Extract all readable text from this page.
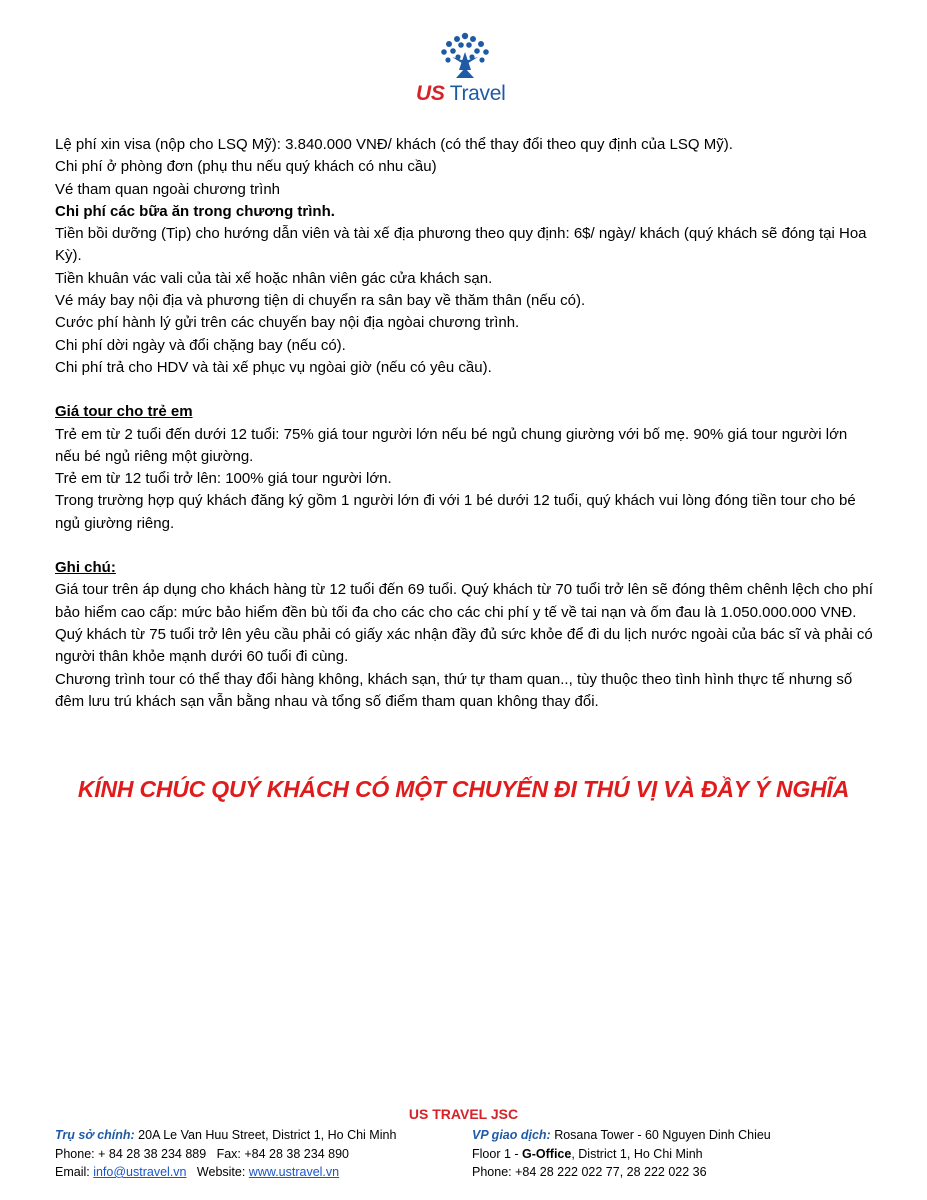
US Travel

Lệ phí xin visa (nộp cho LSQ Mỹ): 3.840.000 VNĐ/ khách (có thể thay đổi theo quy định của LSQ Mỹ).

Chi phí ở phòng đơn (phụ thu nếu quý khách có nhu cầu)

Vé tham quan ngoài chương trình

Chi phí các bữa ăn trong chương trình.

Tiền bồi dưỡng (Tip) cho hướng dẫn viên và tài xế địa phương theo quy định: 6$/ ngày/ khách (quý khách sẽ đóng tại Hoa Kỳ).

Tiền khuân vác vali của tài xế hoặc nhân viên gác cửa khách sạn.

Vé máy bay nội địa và phương tiện di chuyển ra sân bay về thăm thân (nếu có).

Cước phí hành lý gửi trên các chuyến bay nội địa ngòai chương trình.

Chi phí dời ngày và đổi chặng bay (nếu có).

Chi phí trả cho HDV và tài xế phục vụ ngòai giờ (nếu có yêu cầu).

Giá tour cho trẻ em

Trẻ em từ 2 tuổi đến dưới 12 tuổi: 75% giá tour người lớn nếu bé ngủ chung giường với bố mẹ. 90% giá tour người lớn nếu bé ngủ riêng một giường.

Trẻ em từ 12 tuổi trở lên: 100% giá tour người lớn.

Trong trường hợp quý khách đăng ký gồm 1 người lớn đi với 1 bé dưới 12 tuổi, quý khách vui lòng đóng tiền tour cho bé ngủ giường riêng.

Ghi chú:

Giá tour trên áp dụng cho khách hàng từ 12 tuổi đến 69 tuổi. Quý khách từ 70 tuổi trở lên sẽ đóng thêm chênh lệch cho phí bảo hiểm cao cấp: mức bảo hiểm đền bù tối đa cho các cho các chi phí y tế về tai nạn và ốm đau là 1.050.000.000 VNĐ.

Quý khách từ 75 tuổi trở lên yêu cầu phải có giấy xác nhận đầy đủ sức khỏe để đi du lịch nước ngoài của bác sĩ và phải có người thân khỏe mạnh dưới 60 tuổi đi cùng.

Chương trình tour có thể thay đổi hàng không, khách sạn, thứ tự tham quan.., tùy thuộc theo tình hình thực tế nhưng số đêm lưu trú khách sạn vẫn bằng nhau và tổng số điểm tham quan không thay đổi.

KÍNH CHÚC QUÝ KHÁCH CÓ MỘT CHUYẾN ĐI THÚ VỊ VÀ ĐẦY Ý NGHĨA
US TRAVEL JSC
Trụ sở chính: 20A Le Van Huu Street, District 1, Ho Chi Minh
Phone: + 84 28 38 234 889   Fax: +84 28 38 234 890
Email: info@ustravel.vn   Website: www.ustravel.vn
VP giao dịch: Rosana Tower - 60 Nguyen Dinh Chieu
Floor 1 - G-Office, District 1, Ho Chi Minh
Phone: +84 28 222 022 77, 28 222 022 36
